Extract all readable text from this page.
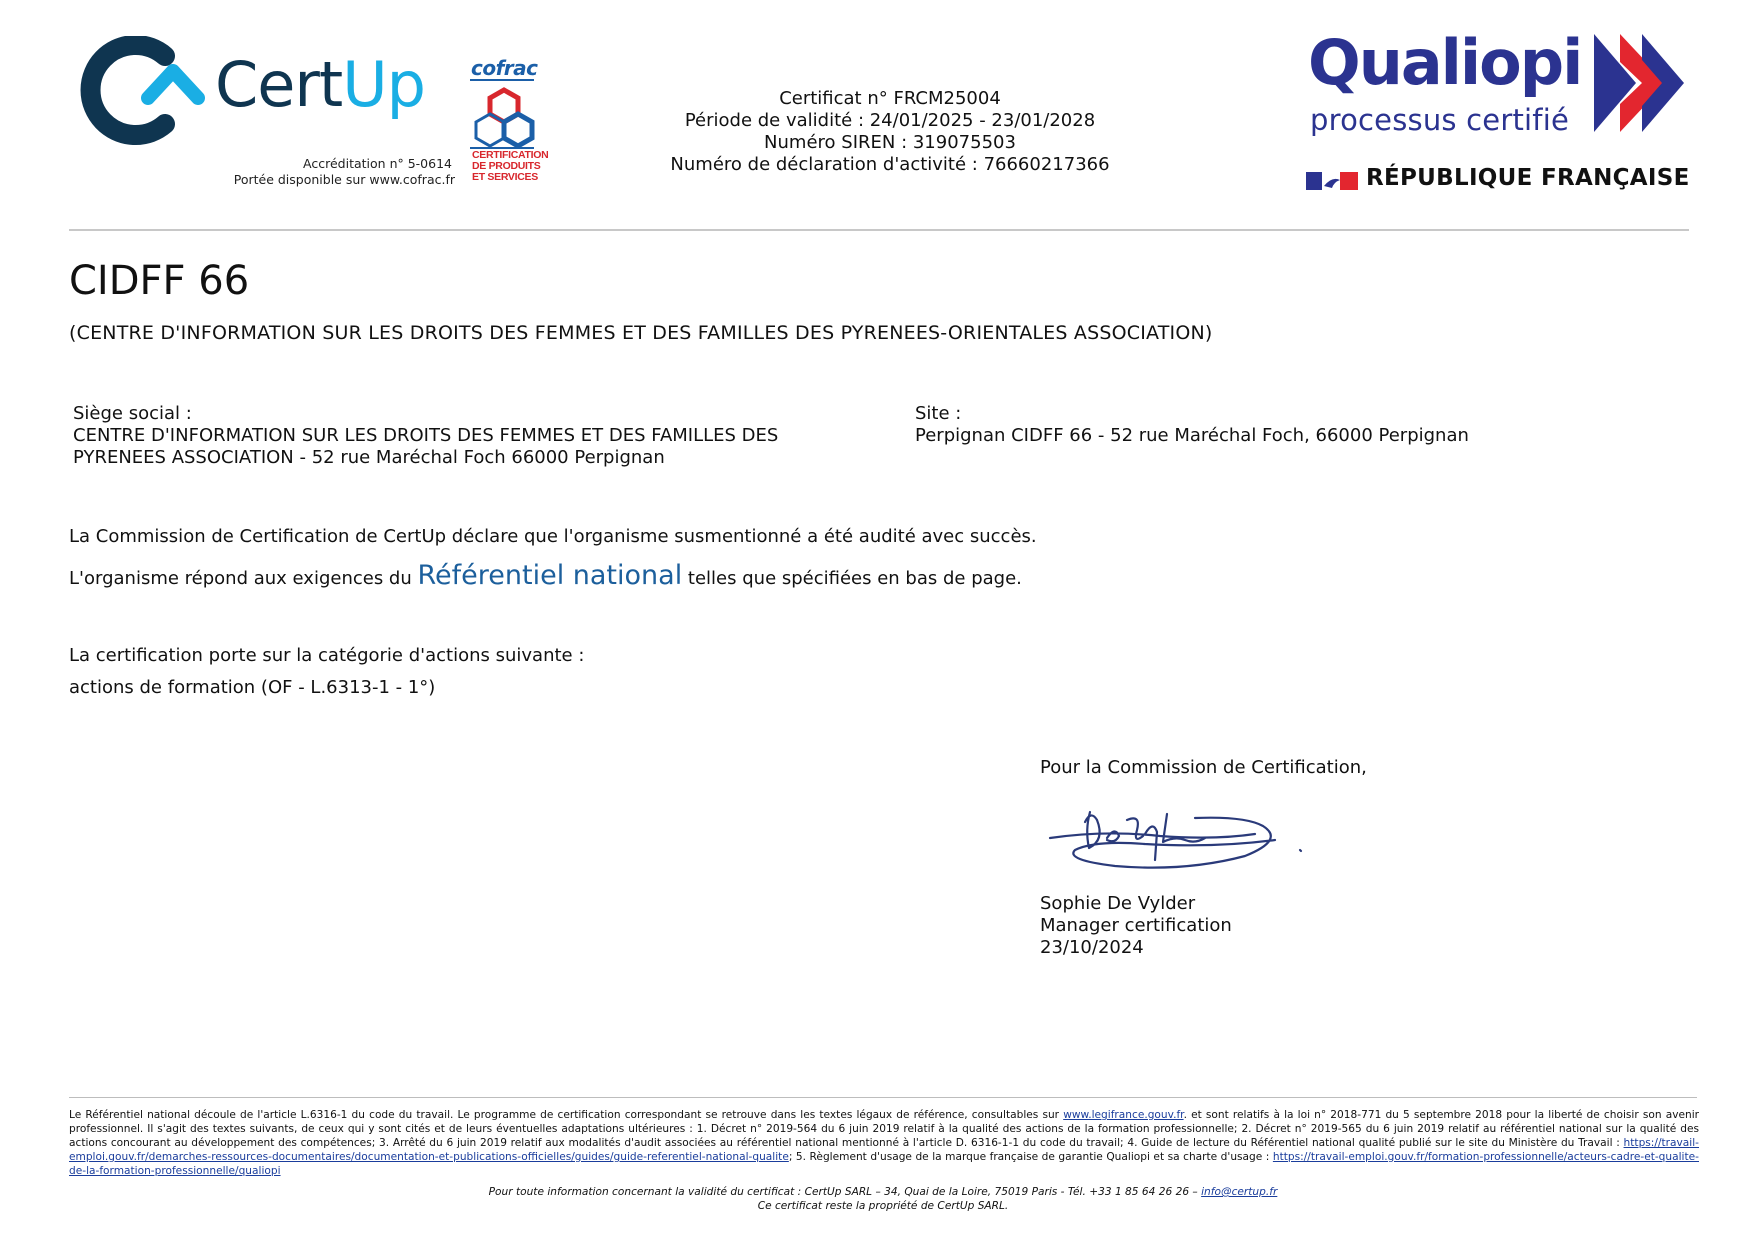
CertUp
Accréditation n° 5-0614
Portée disponible sur www.cofrac.fr
cofrac
CERTIFICATION
DE PRODUITS
ET SERVICES
Certificat n° FRCM25004
Période de validité : 24/01/2025 - 23/01/2028
Numéro SIREN : 319075503
Numéro de déclaration d'activité : 76660217366
Qualiopi
processus certifié
RÉPUBLIQUE FRANÇAISE
CIDFF 66
(CENTRE D'INFORMATION SUR LES DROITS DES FEMMES ET DES FAMILLES DES PYRENEES-ORIENTALES ASSOCIATION)
Siège social :
CENTRE D'INFORMATION SUR LES DROITS DES FEMMES ET DES FAMILLES DES
PYRENEES ASSOCIATION - 52 rue Maréchal Foch 66000 Perpignan
Site :
Perpignan CIDFF 66 - 52 rue Maréchal Foch, 66000 Perpignan
La Commission de Certification de CertUp déclare que l'organisme susmentionné a été audité avec succès.
L'organisme répond aux exigences du Référentiel national telles que spécifiées en bas de page.
La certification porte sur la catégorie d'actions suivante :
actions de formation (OF - L.6313-1 - 1°)
Pour la Commission de Certification,
Sophie De Vylder
Manager certification
23/10/2024
Le Référentiel national découle de l'article L.6316-1 du code du travail. Le programme de certification correspondant se retrouve dans les textes légaux de référence, consultables sur www.legifrance.gouv.fr. et sont relatifs à la loi n° 2018-771 du 5 septembre 2018 pour la liberté de choisir son avenir professionnel. Il s'agit des textes suivants, de ceux qui y sont cités et de leurs éventuelles adaptations ultérieures : 1. Décret n° 2019-564 du 6 juin 2019 relatif à la qualité des actions de la formation professionnelle; 2. Décret n° 2019-565 du 6 juin 2019 relatif au référentiel national sur la qualité des actions concourant au développement des compétences; 3. Arrêté du 6 juin 2019 relatif aux modalités d'audit associées au référentiel national mentionné à l'article D. 6316-1-1 du code du travail; 4. Guide de lecture du Référentiel national qualité publié sur le site du Ministère du Travail : https://travail-emploi.gouv.fr/demarches-ressources-documentaires/documentation-et-publications-officielles/guides/guide-referentiel-national-qualite; 5. Règlement d'usage de la marque française de garantie Qualiopi et sa charte d'usage : https://travail-emploi.gouv.fr/formation-professionnelle/acteurs-cadre-et-qualite-de-la-formation-professionnelle/qualiopi
Pour toute information concernant la validité du certificat : CertUp SARL – 34, Quai de la Loire, 75019 Paris - Tél. +33 1 85 64 26 26 – info@certup.fr
Ce certificat reste la propriété de CertUp SARL.
